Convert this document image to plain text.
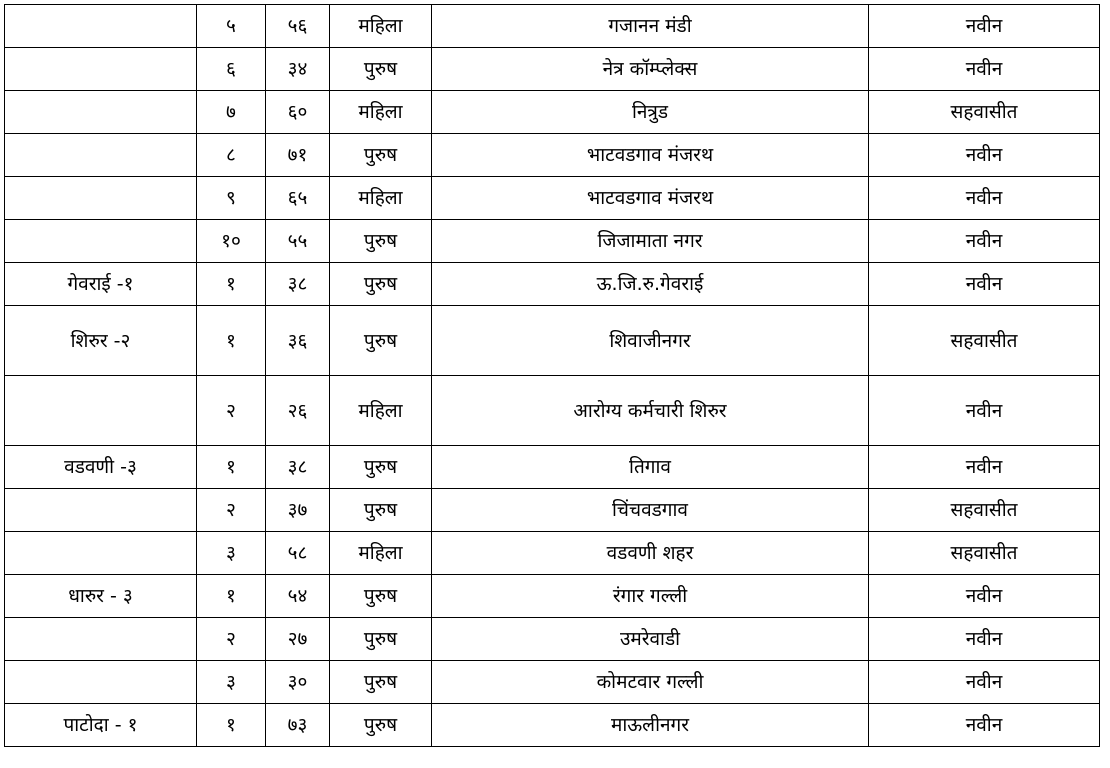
	५	५६	महिला	गजानन मंडी	नवीन
	६	३४	पुरुष	नेत्र कॉम्प्लेक्स	नवीन
	७	६०	महिला	नित्रुड	सहवासीत
	८	७१	पुरुष	भाटवडगाव मंजरथ	नवीन
	९	६५	महिला	भाटवडगाव मंजरथ	नवीन
	१०	५५	पुरुष	जिजामाता नगर	नवीन
गेवराई -१	१	३८	पुरुष	ऊ.जि.रु.गेवराई	नवीन
शिरुर -२	१	३६	पुरुष	शिवाजीनगर	सहवासीत
	२	२६	महिला	आरोग्य कर्मचारी शिरुर	नवीन
वडवणी -३	१	३८	पुरुष	तिगाव	नवीन
	२	३७	पुरुष	चिंचवडगाव	सहवासीत
	३	५८	महिला	वडवणी शहर	सहवासीत
धारुर - ३	१	५४	पुरुष	रंगार गल्ली	नवीन
	२	२७	पुरुष	उमरेवाडी	नवीन
	३	३०	पुरुष	कोमटवार गल्ली	नवीन
पाटोदा - १	१	७३	पुरुष	माऊलीनगर	नवीन
